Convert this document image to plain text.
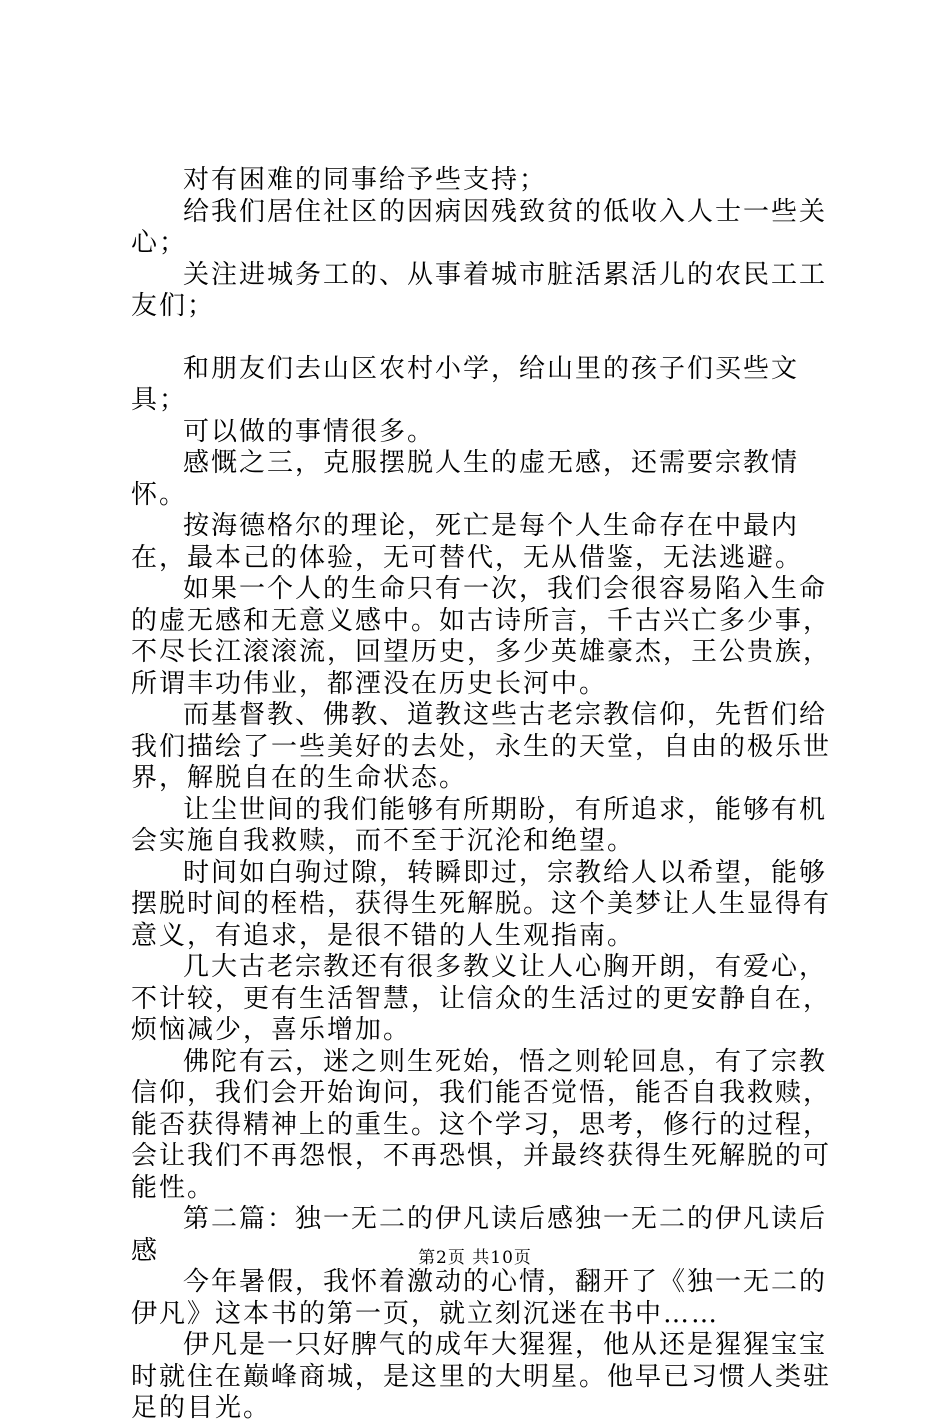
对有困难的同事给予些支持；

给我们居住社区的因病因残致贫的低收入人士一些关心；

关注进城务工的、从事着城市脏活累活儿的农民工工友们；

和朋友们去山区农村小学，给山里的孩子们买些文具；

可以做的事情很多。

感慨之三，克服摆脱人生的虚无感，还需要宗教情怀。

按海德格尔的理论，死亡是每个人生命存在中最内在，最本己的体验，无可替代，无从借鉴，无法逃避。

如果一个人的生命只有一次，我们会很容易陷入生命的虚无感和无意义感中。如古诗所言，千古兴亡多少事，不尽长江滚滚流，回望历史，多少英雄豪杰，王公贵族，所谓丰功伟业，都湮没在历史长河中。

而基督教、佛教、道教这些古老宗教信仰，先哲们给我们描绘了一些美好的去处，永生的天堂，自由的极乐世界，解脱自在的生命状态。

让尘世间的我们能够有所期盼，有所追求，能够有机会实施自我救赎，而不至于沉沦和绝望。

时间如白驹过隙，转瞬即过，宗教给人以希望，能够摆脱时间的桎梏，获得生死解脱。这个美梦让人生显得有意义，有追求，是很不错的人生观指南。

几大古老宗教还有很多教义让人心胸开朗，有爱心，不计较，更有生活智慧，让信众的生活过的更安静自在，烦恼减少，喜乐增加。

佛陀有云，迷之则生死始，悟之则轮回息，有了宗教信仰，我们会开始询问，我们能否觉悟，能否自我救赎，能否获得精神上的重生。这个学习，思考，修行的过程，会让我们不再怨恨，不再恐惧，并最终获得生死解脱的可能性。

第二篇：独一无二的伊凡读后感独一无二的伊凡读后感

今年暑假，我怀着激动的心情，翻开了《独一无二的伊凡》这本书的第一页，就立刻沉迷在书中……

伊凡是一只好脾气的成年大猩猩，他从还是猩猩宝宝时就住在巅峰商城，是这里的大明星。他早已习惯人类驻足的目光。

第2页 共10页
